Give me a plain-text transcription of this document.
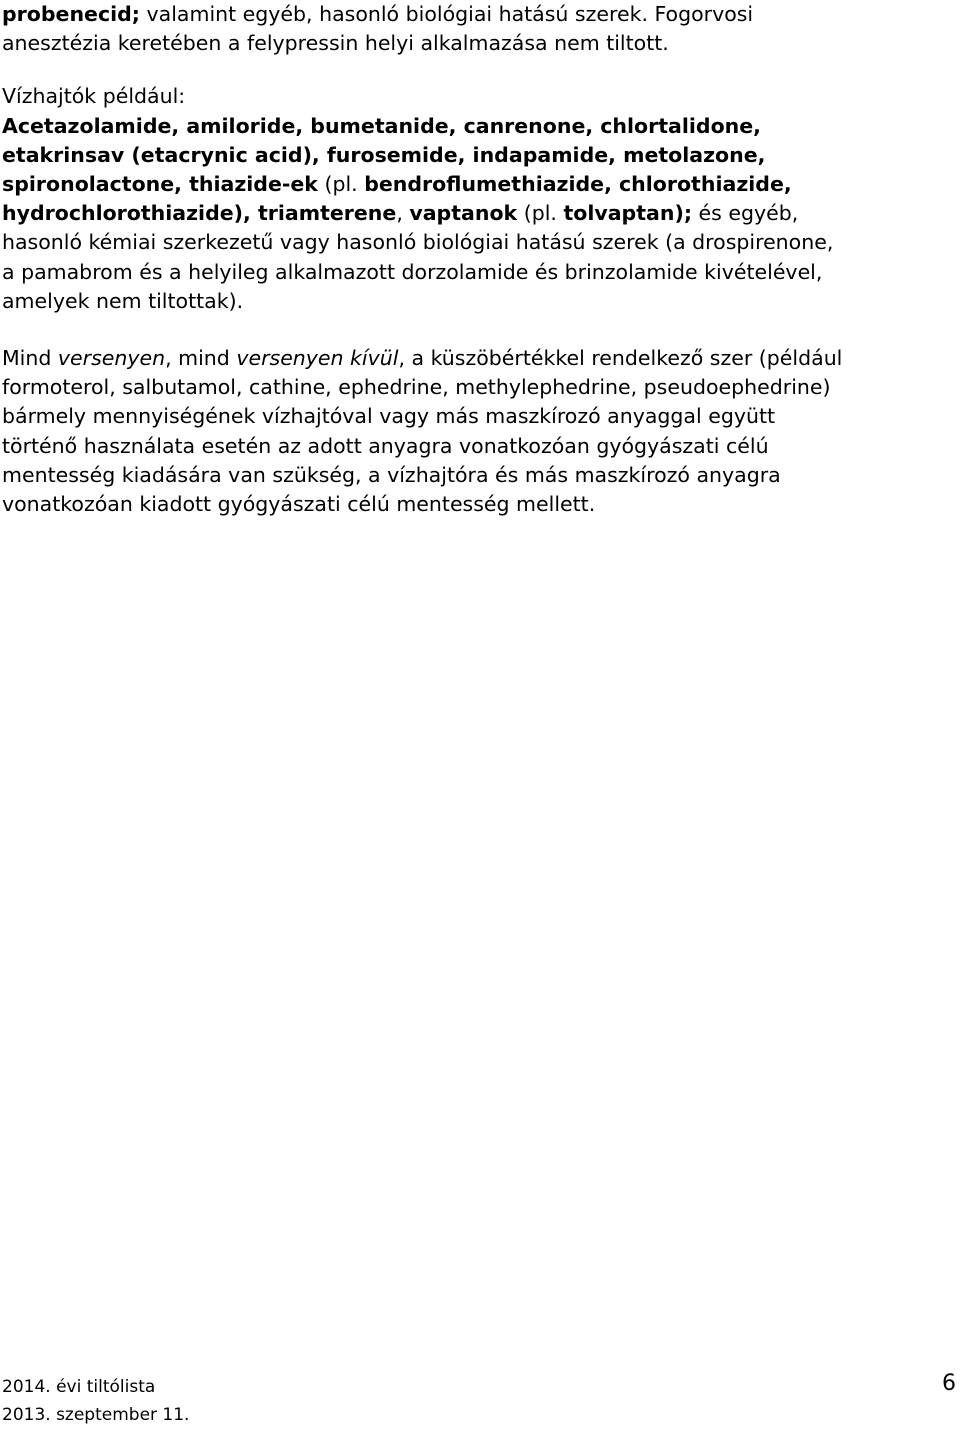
probenecid; valamint egyéb, hasonló biológiai hatású szerek. Fogorvosi
anesztézia keretében a felypressin helyi alkalmazása nem tiltott.

Vízhajtók például:
Acetazolamide, amiloride, bumetanide, canrenone, chlortalidone,
etakrinsav (etacrynic acid), furosemide, indapamide, metolazone,
spironolactone, thiazide-ek (pl. bendroflumethiazide, chlorothiazide,
hydrochlorothiazide), triamterene, vaptanok (pl. tolvaptan); és egyéb,
hasonló kémiai szerkezetű vagy hasonló biológiai hatású szerek (a drospirenone,
a pamabrom és a helyileg alkalmazott dorzolamide és brinzolamide kivételével,
amelyek nem tiltottak).

Mind versenyen, mind versenyen kívül, a küszöbértékkel rendelkező szer (például
formoterol, salbutamol, cathine, ephedrine, methylephedrine, pseudoephedrine)
bármely mennyiségének vízhajtóval vagy más maszkírozó anyaggal együtt
történő használata esetén az adott anyagra vonatkozóan gyógyászati célú
mentesség kiadására van szükség, a vízhajtóra és más maszkírozó anyagra
vonatkozóan kiadott gyógyászati célú mentesség mellett.

2014. évi tiltólista
2013. szeptember 11.
6
